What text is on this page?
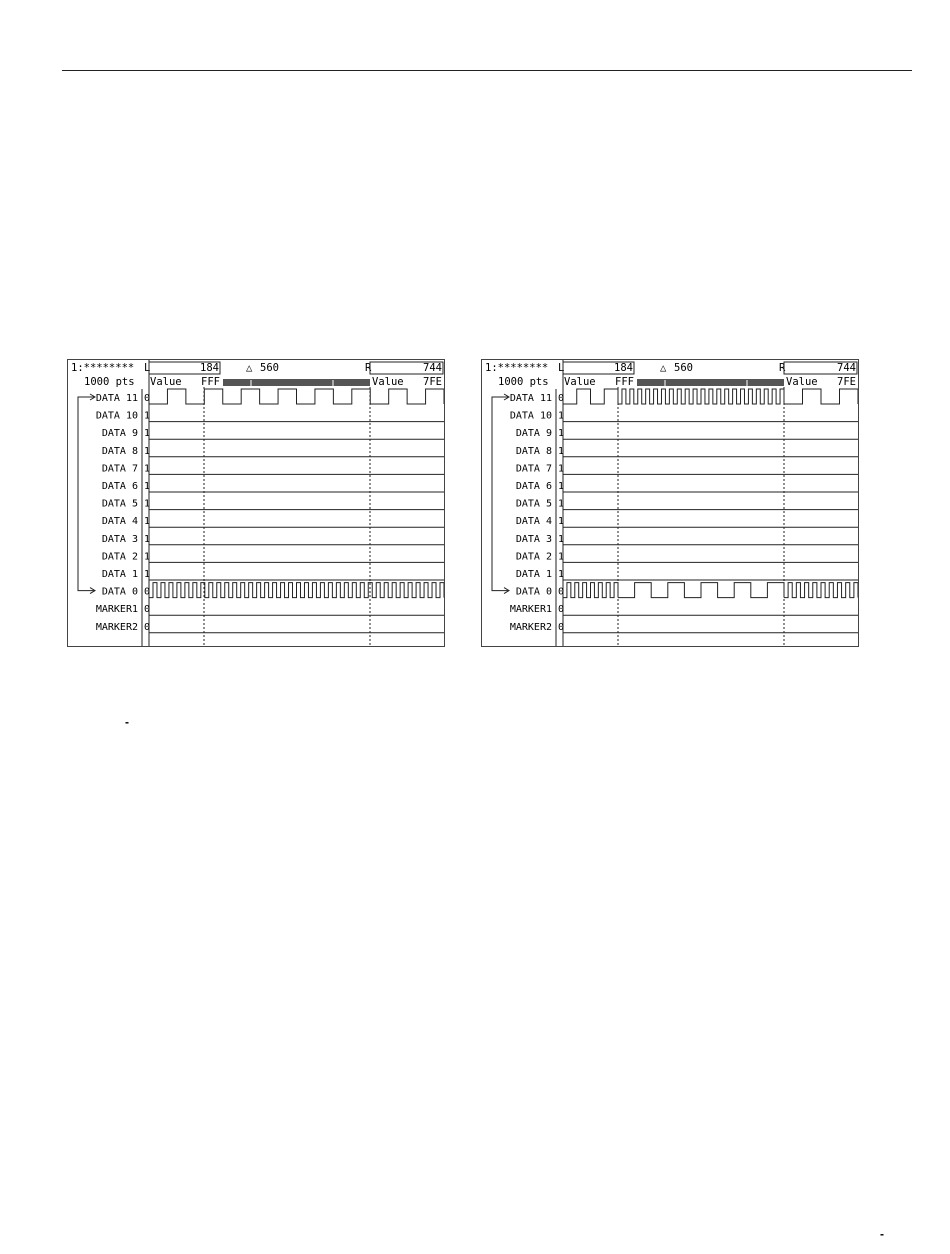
1:********
1000 pts
L	184	△ 560	R	744
Value FFF	Value 7FE
DATA 11 0
DATA 10 1
DATA 9 1
DATA 8 1
DATA 7 1
DATA 6 1
DATA 5 1
DATA 4 1
DATA 3 1
DATA 2 1
DATA 1 1
DATA 0 0
MARKER1 0
MARKER2 0
1:********
1000 pts
L	184	△ 560	R	744
Value FFF	Value 7FE
DATA 11 0
DATA 10 1
DATA 9 1
DATA 8 1
DATA 7 1
DATA 6 1
DATA 5 1
DATA 4 1
DATA 3 1
DATA 2 1
DATA 1 1
DATA 0 0
MARKER1 0
MARKER2 0
-
-
